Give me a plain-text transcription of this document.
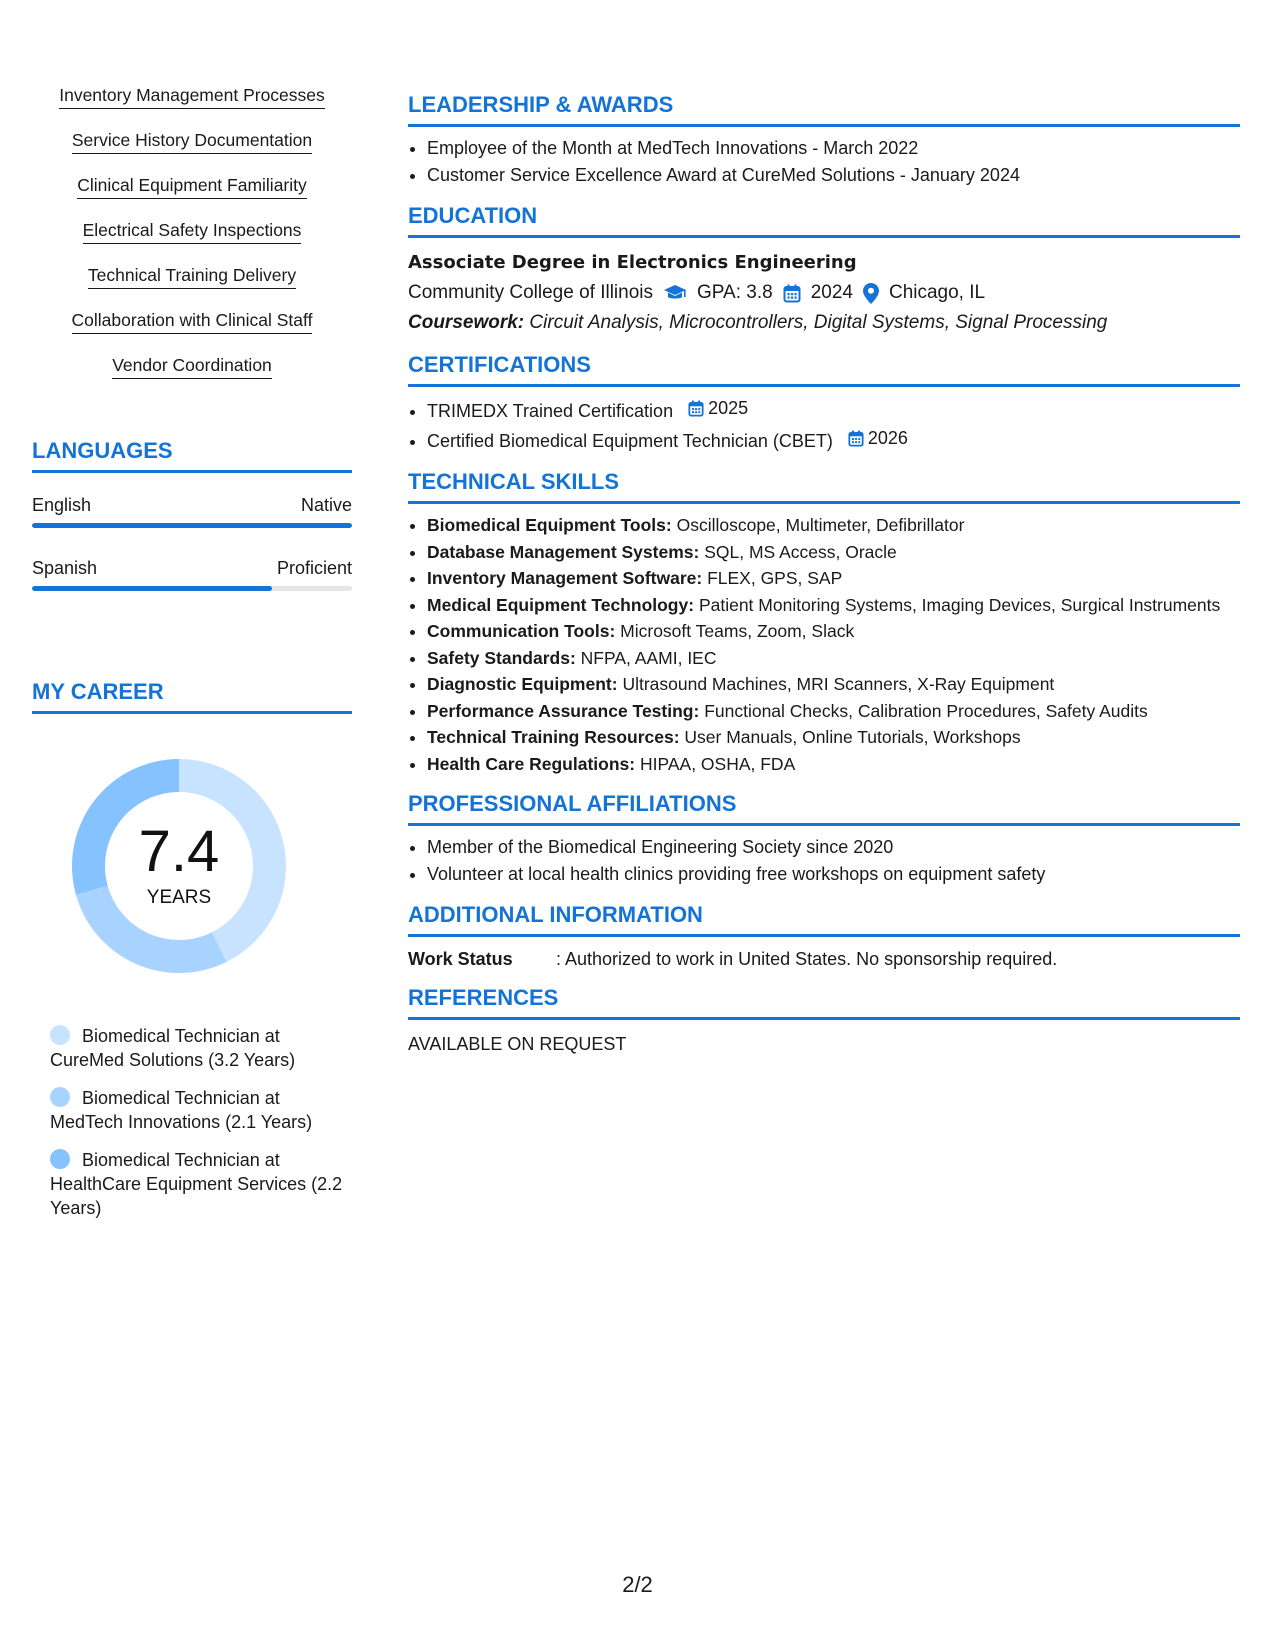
Inventory Management Processes
Service History Documentation
Clinical Equipment Familiarity
Electrical Safety Inspections
Technical Training Delivery
Collaboration with Clinical Staff
Vendor Coordination
LANGUAGES
English	Native
Spanish	Proficient
MY CAREER
7.4
YEARS
Biomedical Technician at CureMed Solutions (3.2 Years)
Biomedical Technician at MedTech Innovations (2.1 Years)
Biomedical Technician at HealthCare Equipment Services (2.2 Years)
LEADERSHIP & AWARDS
• Employee of the Month at MedTech Innovations - March 2022
• Customer Service Excellence Award at CureMed Solutions - January 2024
EDUCATION
Associate Degree in Electronics Engineering
Community College of Illinois GPA: 3.8 2024 Chicago, IL
Coursework: Circuit Analysis, Microcontrollers, Digital Systems, Signal Processing
CERTIFICATIONS
• TRIMEDX Trained Certification 2025
• Certified Biomedical Equipment Technician (CBET) 2026
TECHNICAL SKILLS
• Biomedical Equipment Tools: Oscilloscope, Multimeter, Defibrillator
• Database Management Systems: SQL, MS Access, Oracle
• Inventory Management Software: FLEX, GPS, SAP
• Medical Equipment Technology: Patient Monitoring Systems, Imaging Devices, Surgical Instruments
• Communication Tools: Microsoft Teams, Zoom, Slack
• Safety Standards: NFPA, AAMI, IEC
• Diagnostic Equipment: Ultrasound Machines, MRI Scanners, X-Ray Equipment
• Performance Assurance Testing: Functional Checks, Calibration Procedures, Safety Audits
• Technical Training Resources: User Manuals, Online Tutorials, Workshops
• Health Care Regulations: HIPAA, OSHA, FDA
PROFESSIONAL AFFILIATIONS
• Member of the Biomedical Engineering Society since 2020
• Volunteer at local health clinics providing free workshops on equipment safety
ADDITIONAL INFORMATION
Work Status	: Authorized to work in United States. No sponsorship required.
REFERENCES
AVAILABLE ON REQUEST
2/2
